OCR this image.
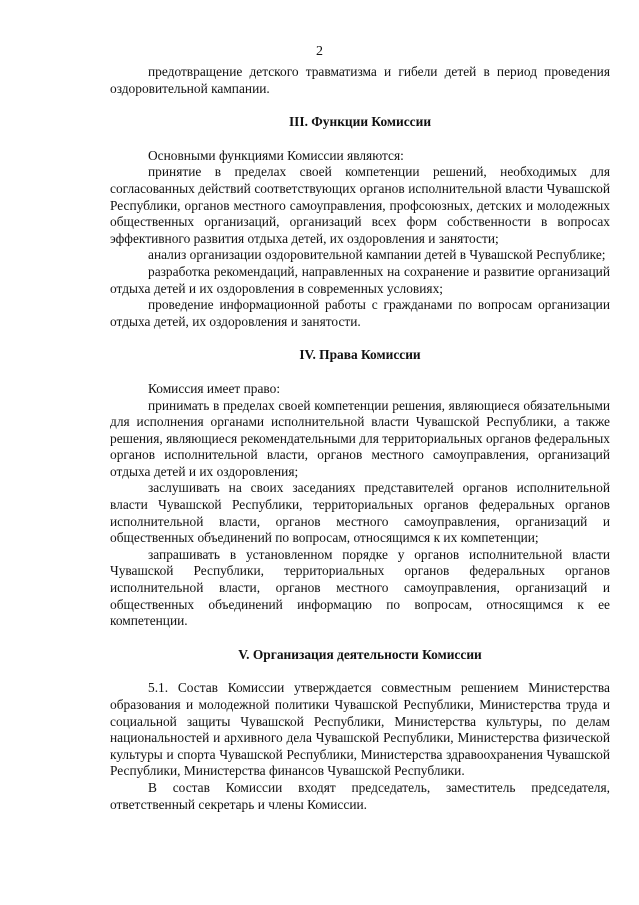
2

предотвращение детского травматизма и гибели детей в период проведения оздоровительной кампании.

III. Функции Комиссии

Основными функциями Комиссии являются:

принятие в пределах своей компетенции решений, необходимых для согласованных действий соответствующих органов исполнительной власти Чувашской Республики, органов местного самоуправления, профсоюзных, детских и молодежных общественных организаций, организаций всех форм собственности в вопросах эффективного развития отдыха детей, их оздоровления и занятости;

анализ организации оздоровительной кампании детей в Чувашской Республике;

разработка рекомендаций, направленных на сохранение и развитие организаций отдыха детей и их оздоровления в современных условиях;

проведение информационной работы с гражданами по вопросам организации отдыха детей, их оздоровления и занятости.

IV. Права Комиссии

Комиссия имеет право:

принимать в пределах своей компетенции решения, являющиеся обязательными для исполнения органами исполнительной власти Чувашской Республики, а также решения, являющиеся рекомендательными для территориальных органов федеральных органов исполнительной власти, органов местного самоуправления, организаций отдыха детей и их оздоровления;

заслушивать на своих заседаниях представителей органов исполнительной власти Чувашской Республики, территориальных органов федеральных органов исполнительной власти, органов местного самоуправления, организаций и общественных объединений по вопросам, относящимся к их компетенции;

запрашивать в установленном порядке у органов исполнительной власти Чувашской Республики, территориальных органов федеральных органов исполнительной власти, органов местного самоуправления, организаций и общественных объединений информацию по вопросам, относящимся к ее компетенции.

V. Организация деятельности Комиссии

5.1. Состав Комиссии утверждается совместным решением Министерства образования и молодежной политики Чувашской Республики, Министерства труда и социальной защиты Чувашской Республики, Министерства культуры, по делам национальностей и архивного дела Чувашской Республики, Министерства физической культуры и спорта Чувашской Республики, Министерства здравоохранения Чувашской Республики, Министерства финансов Чувашской Республики.

В состав Комиссии входят председатель, заместитель председателя, ответственный секретарь и члены Комиссии.
